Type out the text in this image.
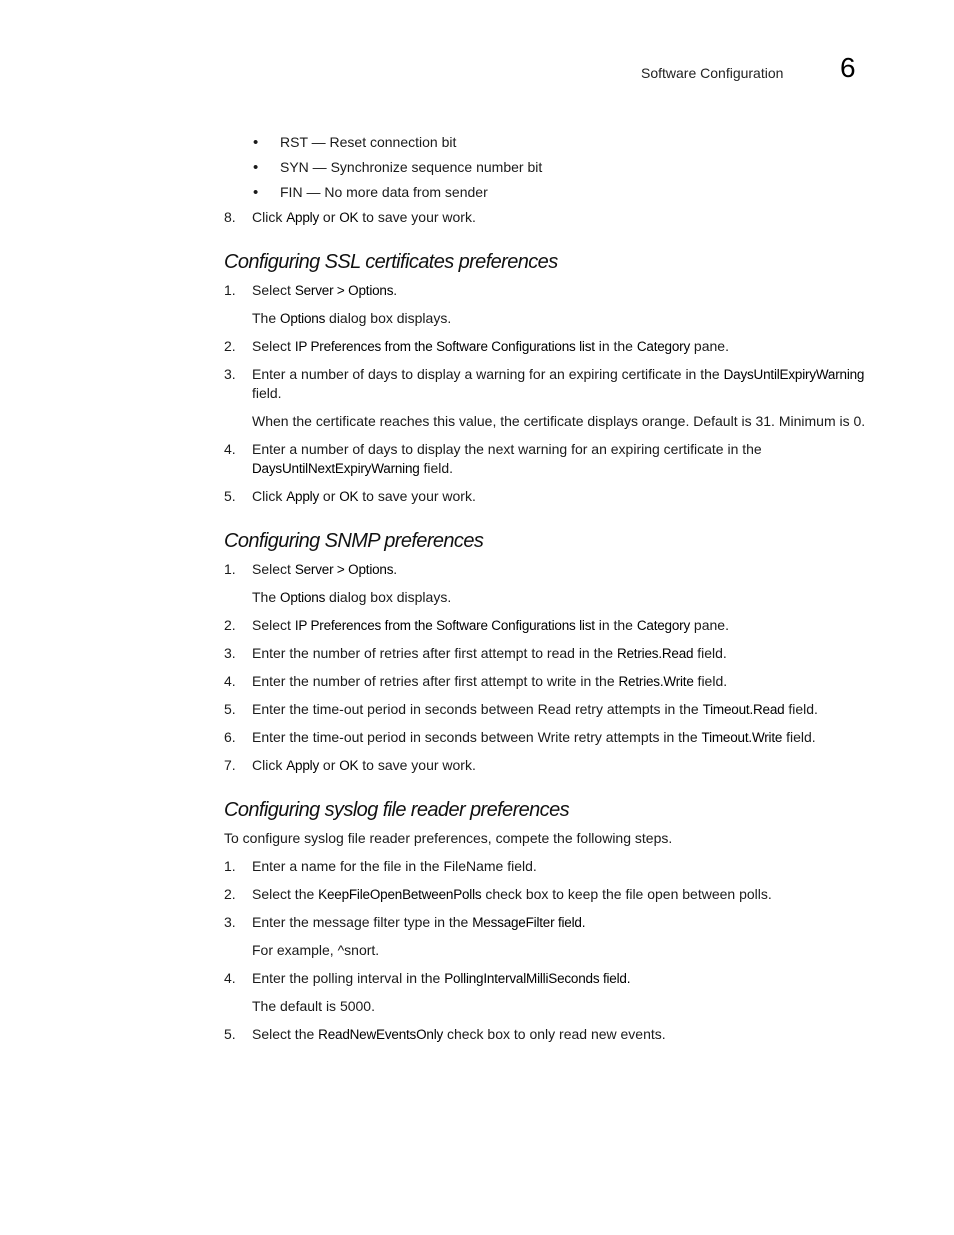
Software Configuration 6
• RST — Reset connection bit
• SYN — Synchronize sequence number bit
• FIN — No more data from sender
8. Click Apply or OK to save your work.
Configuring SSL certificates preferences
1. Select Server > Options.
The Options dialog box displays.
2. Select IP Preferences from the Software Configurations list in the Category pane.
3. Enter a number of days to display a warning for an expiring certificate in the DaysUntilExpiryWarning field.
When the certificate reaches this value, the certificate displays orange. Default is 31. Minimum is 0.
4. Enter a number of days to display the next warning for an expiring certificate in the DaysUntilNextExpiryWarning field.
5. Click Apply or OK to save your work.
Configuring SNMP preferences
1. Select Server > Options.
The Options dialog box displays.
2. Select IP Preferences from the Software Configurations list in the Category pane.
3. Enter the number of retries after first attempt to read in the Retries.Read field.
4. Enter the number of retries after first attempt to write in the Retries.Write field.
5. Enter the time-out period in seconds between Read retry attempts in the Timeout.Read field.
6. Enter the time-out period in seconds between Write retry attempts in the Timeout.Write field.
7. Click Apply or OK to save your work.
Configuring syslog file reader preferences
To configure syslog file reader preferences, compete the following steps.
1. Enter a name for the file in the FileName field.
2. Select the KeepFileOpenBetweenPolls check box to keep the file open between polls.
3. Enter the message filter type in the MessageFilter field.
For example, ^snort.
4. Enter the polling interval in the PollingIntervalMilliSeconds field.
The default is 5000.
5. Select the ReadNewEventsOnly check box to only read new events.
